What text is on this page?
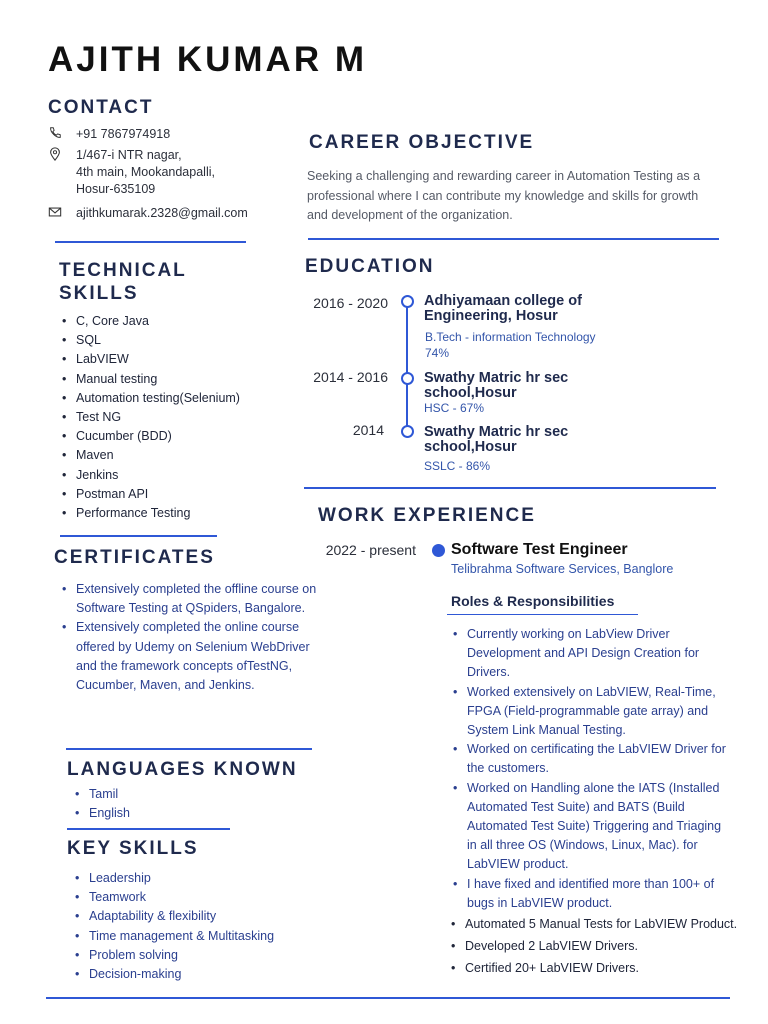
AJITH KUMAR M
CONTACT
+91 7867974918
1/467-i NTR nagar,
4th main, Mookandapalli,
Hosur-635109
ajithkumarak.2328@gmail.com
TECHNICAL
SKILLS
• C, Core Java
• SQL
• LabVIEW
• Manual testing
• Automation testing(Selenium)
• Test NG
• Cucumber (BDD)
• Maven
• Jenkins
• Postman API
• Performance Testing
CERTIFICATES
• Extensively completed the offline course on Software Testing at QSpiders, Bangalore.
• Extensively completed the online course offered by Udemy on Selenium WebDriver and the framework concepts ofTestNG, Cucumber, Maven, and Jenkins.
LANGUAGES KNOWN
• Tamil
• English
KEY SKILLS
• Leadership
• Teamwork
• Adaptability & flexibility
• Time management & Multitasking
• Problem solving
• Decision-making
CAREER OBJECTIVE
Seeking a challenging and rewarding career in Automation Testing as a professional where I can contribute my knowledge and skills for growth and development of the organization.
EDUCATION
2016 - 2020 Adhiyamaan college of
Engineering, Hosur
B.Tech - information Technology
74%
2014 - 2016 Swathy Matric hr sec
school,Hosur
HSC - 67%
2014	Swathy Matric hr sec
school,Hosur
SSLC - 86%
WORK EXPERIENCE
2022 - present Software Test Engineer
Telibrahma Software Services, Banglore
Roles & Responsibilities
• Currently working on LabView Driver Development and API Design Creation for Drivers.
• Worked extensively on LabVIEW, Real-Time, FPGA (Field-programmable gate array) and System Link Manual Testing.
• Worked on certificating the LabVIEW Driver for the customers.
• Worked on Handling alone the IATS (Installed Automated Test Suite) and BATS (Build Automated Test Suite) Triggering and Triaging in all three OS (Windows, Linux, Mac). for LabVIEW product.
• I have fixed and identified more than 100+ of bugs in LabVIEW product.
• Automated 5 Manual Tests for LabVIEW Product.
• Developed 2 LabVIEW Drivers.
• Certified 20+ LabVIEW Drivers.
